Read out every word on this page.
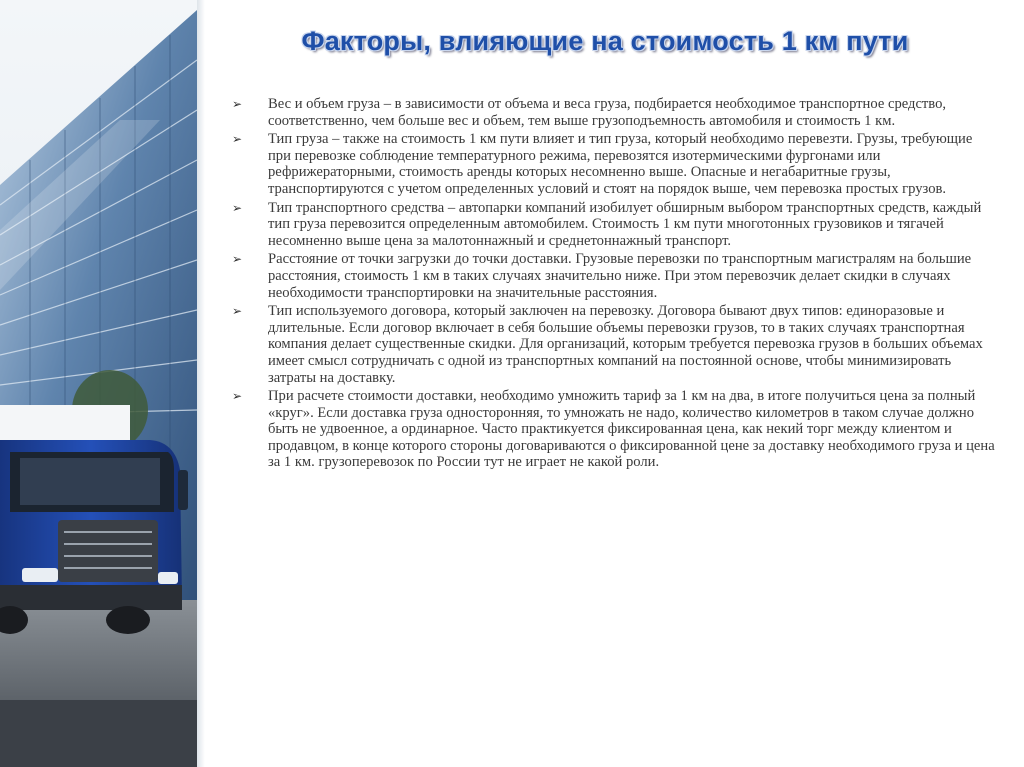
Факторы, влияющие на стоимость 1 км пути
➢ Вес и объем груза – в зависимости от объема и веса груза, подбирается необходимое транспортное средство, соответственно, чем больше вес и объем, тем выше грузоподъемность автомобиля и стоимость 1 км.
➢ Тип груза – также на стоимость 1 км пути влияет и тип груза, который необходимо перевезти. Грузы, требующие при перевозке соблюдение температурного режима, перевозятся изотермическими фургонами или рефрижераторными, стоимость аренды которых несомненно выше. Опасные и негабаритные грузы, транспортируются с учетом определенных условий и стоят на порядок выше, чем перевозка простых грузов.
➢ Тип транспортного средства – автопарки компаний изобилует обширным выбором транспортных средств, каждый тип груза перевозится определенным автомобилем. Стоимость 1 км пути многотонных грузовиков и тягачей несомненно выше цена за малотоннажный и среднетоннажный транспорт.
➢ Расстояние от точки загрузки до точки доставки. Грузовые перевозки по транспортным магистралям на большие расстояния, стоимость 1 км в таких случаях значительно ниже. При этом перевозчик делает скидки в случаях необходимости транспортировки на значительные расстояния.
➢ Тип используемого договора, который заключен на перевозку. Договора бывают двух типов: единоразовые и длительные. Если договор включает в себя большие объемы перевозки грузов, то в таких случаях транспортная компания делает существенные скидки. Для организаций, которым требуется перевозка грузов в больших объемах имеет смысл сотрудничать с одной из транспортных компаний на постоянной основе, чтобы минимизировать затраты на доставку.
➢ При расчете стоимости доставки, необходимо умножить тариф за 1 км на два, в итоге получиться цена за полный «круг». Если доставка груза односторонняя, то умножать не надо, количество километров в таком случае должно быть не удвоенное, а ординарное. Часто практикуется фиксированная цена, как некий торг между клиентом и продавцом, в конце которого стороны договариваются о фиксированной цене за доставку необходимого груза и цена за 1 км. грузоперевозок по России тут не играет не какой роли.
